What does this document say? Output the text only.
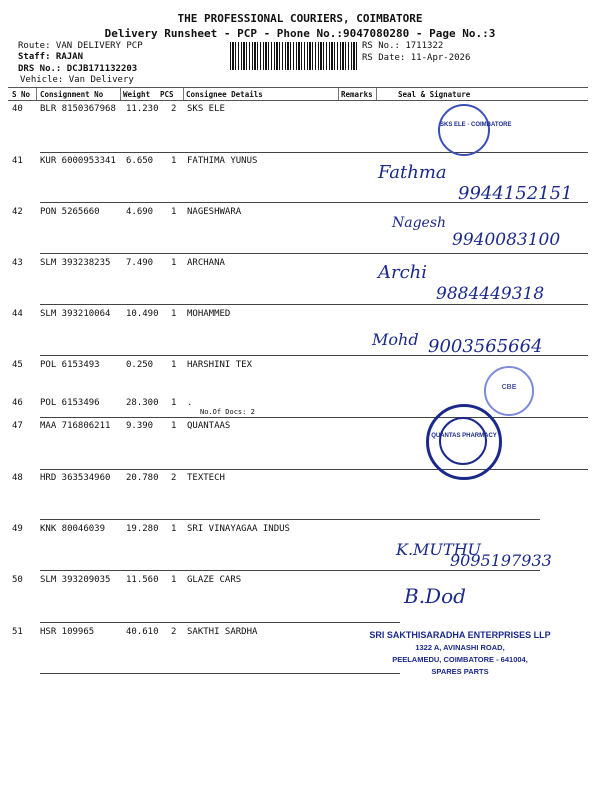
THE PROFESSIONAL COURIERS, COIMBATORE
Delivery Runsheet - PCP - Phone No.:9047080280 - Page No.:3
Route: VAN DELIVERY PCP
Staff: RAJAN
DRS No.: DCJB171132203
Vehicle: Van Delivery
RS No.: 1711322
RS Date: 11-Apr-2026
S No Consignment No	Weight PCS Consignee Details	Remarks	Seal & Signature
40 BLR 8150367968 11.230 2 SKS ELE
41 KUR 6000953341 6.650 1 FATHIMA YUNUS
42 PON 5265660	4.690 1 NAGESHWARA
43 SLM 393238235 7.490 1 ARCHANA
44 SLM 393210064 10.490 1 MOHAMMED
45 POL 6153493	0.250 1 HARSHINI TEX
46 POL 6153496	28.300 1 .
No.Of Docs: 2
47 MAA 716806211 9.390 1 QUANTAAS
48 HRD 363534960 20.780 2 TEXTECH
49 KNK 80046039 19.280 1 SRI VINAYAGAA INDUS
50 SLM 393209035 11.560 1 GLAZE CARS
51 HSR 109965	40.610 2 SAKTHI SARDHA
SKS ELE · COIMBATORE
CBE
QUANTAS PHARMACY
SRI SAKTHISARADHA ENTERPRISES LLP
1322 A, AVINASHI ROAD,
PEELAMEDU, COIMBATORE - 641004,
SPARES PARTS
Fathma
9944152151
Nagesh
9940083100
Archi
9884449318
Mohd 9003565664
K.MUTHU
9095197933
B.Dod
